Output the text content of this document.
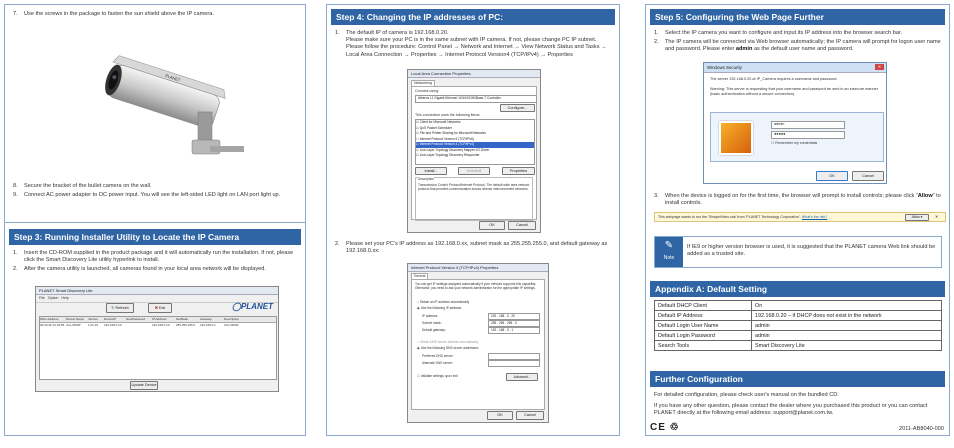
7. Use the screws in the package to fasten the sun shield above the IP camera.
PLANET
8. Secure the bracket of the bullet camera on the wall.
9. Connect AC power adapter to DC power input. You will see the left-sided LED light on LAN port light up.
Step 3: Running Installer Utility to Locate the IP Camera
1. Insert the CD-ROM supplied in the product package and it will automatically run the installation. If not, please click the Smart Discovery Lite utility hyperlink to install.
2. After the camera utility is launched, all cameras found in your local area network will be displayed.
PLANET Smart Discovery Lite
File Option Help
↻ Refresh	✖ Exit	◯PLANET
MAC Address	Device Name	Version	DeviceIP	NewPassword	IP Address	NetMask	Gateway	Description
00:30:4F:12:34:56 ICA-3350P	1.01.29	192.168.0.20	192.168.0.20	255.255.255.0	192.168.0.1	ICA-3350P
Update Device
Step 4: Changing the IP addresses of PC:
1. The default IP of camera is 192.168.0.20.
Please make sure your PC is in the same subnet with IP camera. If not, please change PC IP subnet. Please follow the procedure: Control Panel → Network and Internet → View Network Status and Tasks → Local Area Connection → Properties → Internet Protocol Version4 (TCP/IPv4) → Properties
Local Area Connection Properties
Networking
Connect using:
Atheros L1 Gigabit Ethernet 10/100/1000Base-T Controller
Configure...
This connection uses the following items:
☑ Client for Microsoft Networks
☑ QoS Packet Scheduler
☑ File and Printer Sharing for Microsoft Networks
☐ Internet Protocol Version 6 (TCP/IPv6)
☑ Internet Protocol Version 4 (TCP/IPv4)
☑ Link-Layer Topology Discovery Mapper I/O Driver
☑ Link-Layer Topology Discovery Responder
Install...	Uninstall	Properties
Description
Transmission Control Protocol/Internet Protocol. The default wide area network protocol that provides communication across diverse interconnected networks.
OK	Cancel
2. Please set your PC's IP address as 192.168.0.xx, subnet mask as 255.255.255.0, and default gateway as 192.168.0.xx:
Internet Protocol Version 4 (TCP/IPv4) Properties
General
You can get IP settings assigned automatically if your network supports this capability. Otherwise, you need to ask your network administrator for the appropriate IP settings.
○ Obtain an IP address automatically
◉ Use the following IP address:
IP address:	192 . 168 . 0 . 20
Subnet mask:	255 . 255 . 255 . 0
Default gateway:	192 . 168 . 0 . 1
○ Obtain DNS server address automatically
◉ Use the following DNS server addresses:
Preferred DNS server:
Alternate DNS server:
☐ Validate settings upon exit	Advanced...
OK	Cancel
Step 5: Configuring the Web Page Further
1. Select the IP camera you want to configure and input its IP address into the browser search bar.
2. The IP camera will be connected via Web browser automatically; the IP camera will prompt for logon user name and password. Please enter admin as the default user name and password.
Windows Security	✕
The server 192.168.0.20 at IP_Camera requires a username and password.
Warning: This server is requesting that your username and password be sent in an insecure manner (basic authentication without a secure connection).
admin
●●●●●
☐ Remember my credentials
OK	Cancel
3. When the device is logged on for the first time, the browser will prompt to install controls; please click “Allow” to install controls.
This webpage wants to run the 'ShiapeVideo.cab' from 'PLANET Technology Corporation'. What's the risk?	Allow ▾	✕
✎
Note
If IE9 or higher version browser is used, it is suggested that the PLANET camera Web link should be added as a trusted site.
Appendix A: Default Setting
Default DHCP Client	On
Default IP Address	192.168.0.20 – if DHCP does not exist in the network
Default Login User Name	admin
Default Login Password	admin
Search Tools	Smart Discovery Lite
Further Configuration
For detailed configuration, please check user's manual on the bundled CD.
If you have any other question, please contact the dealer where you purchased this product or you can contact PLANET directly at the following email address: support@planet.com.tw.
CE ♲	2011-AB8040-000
